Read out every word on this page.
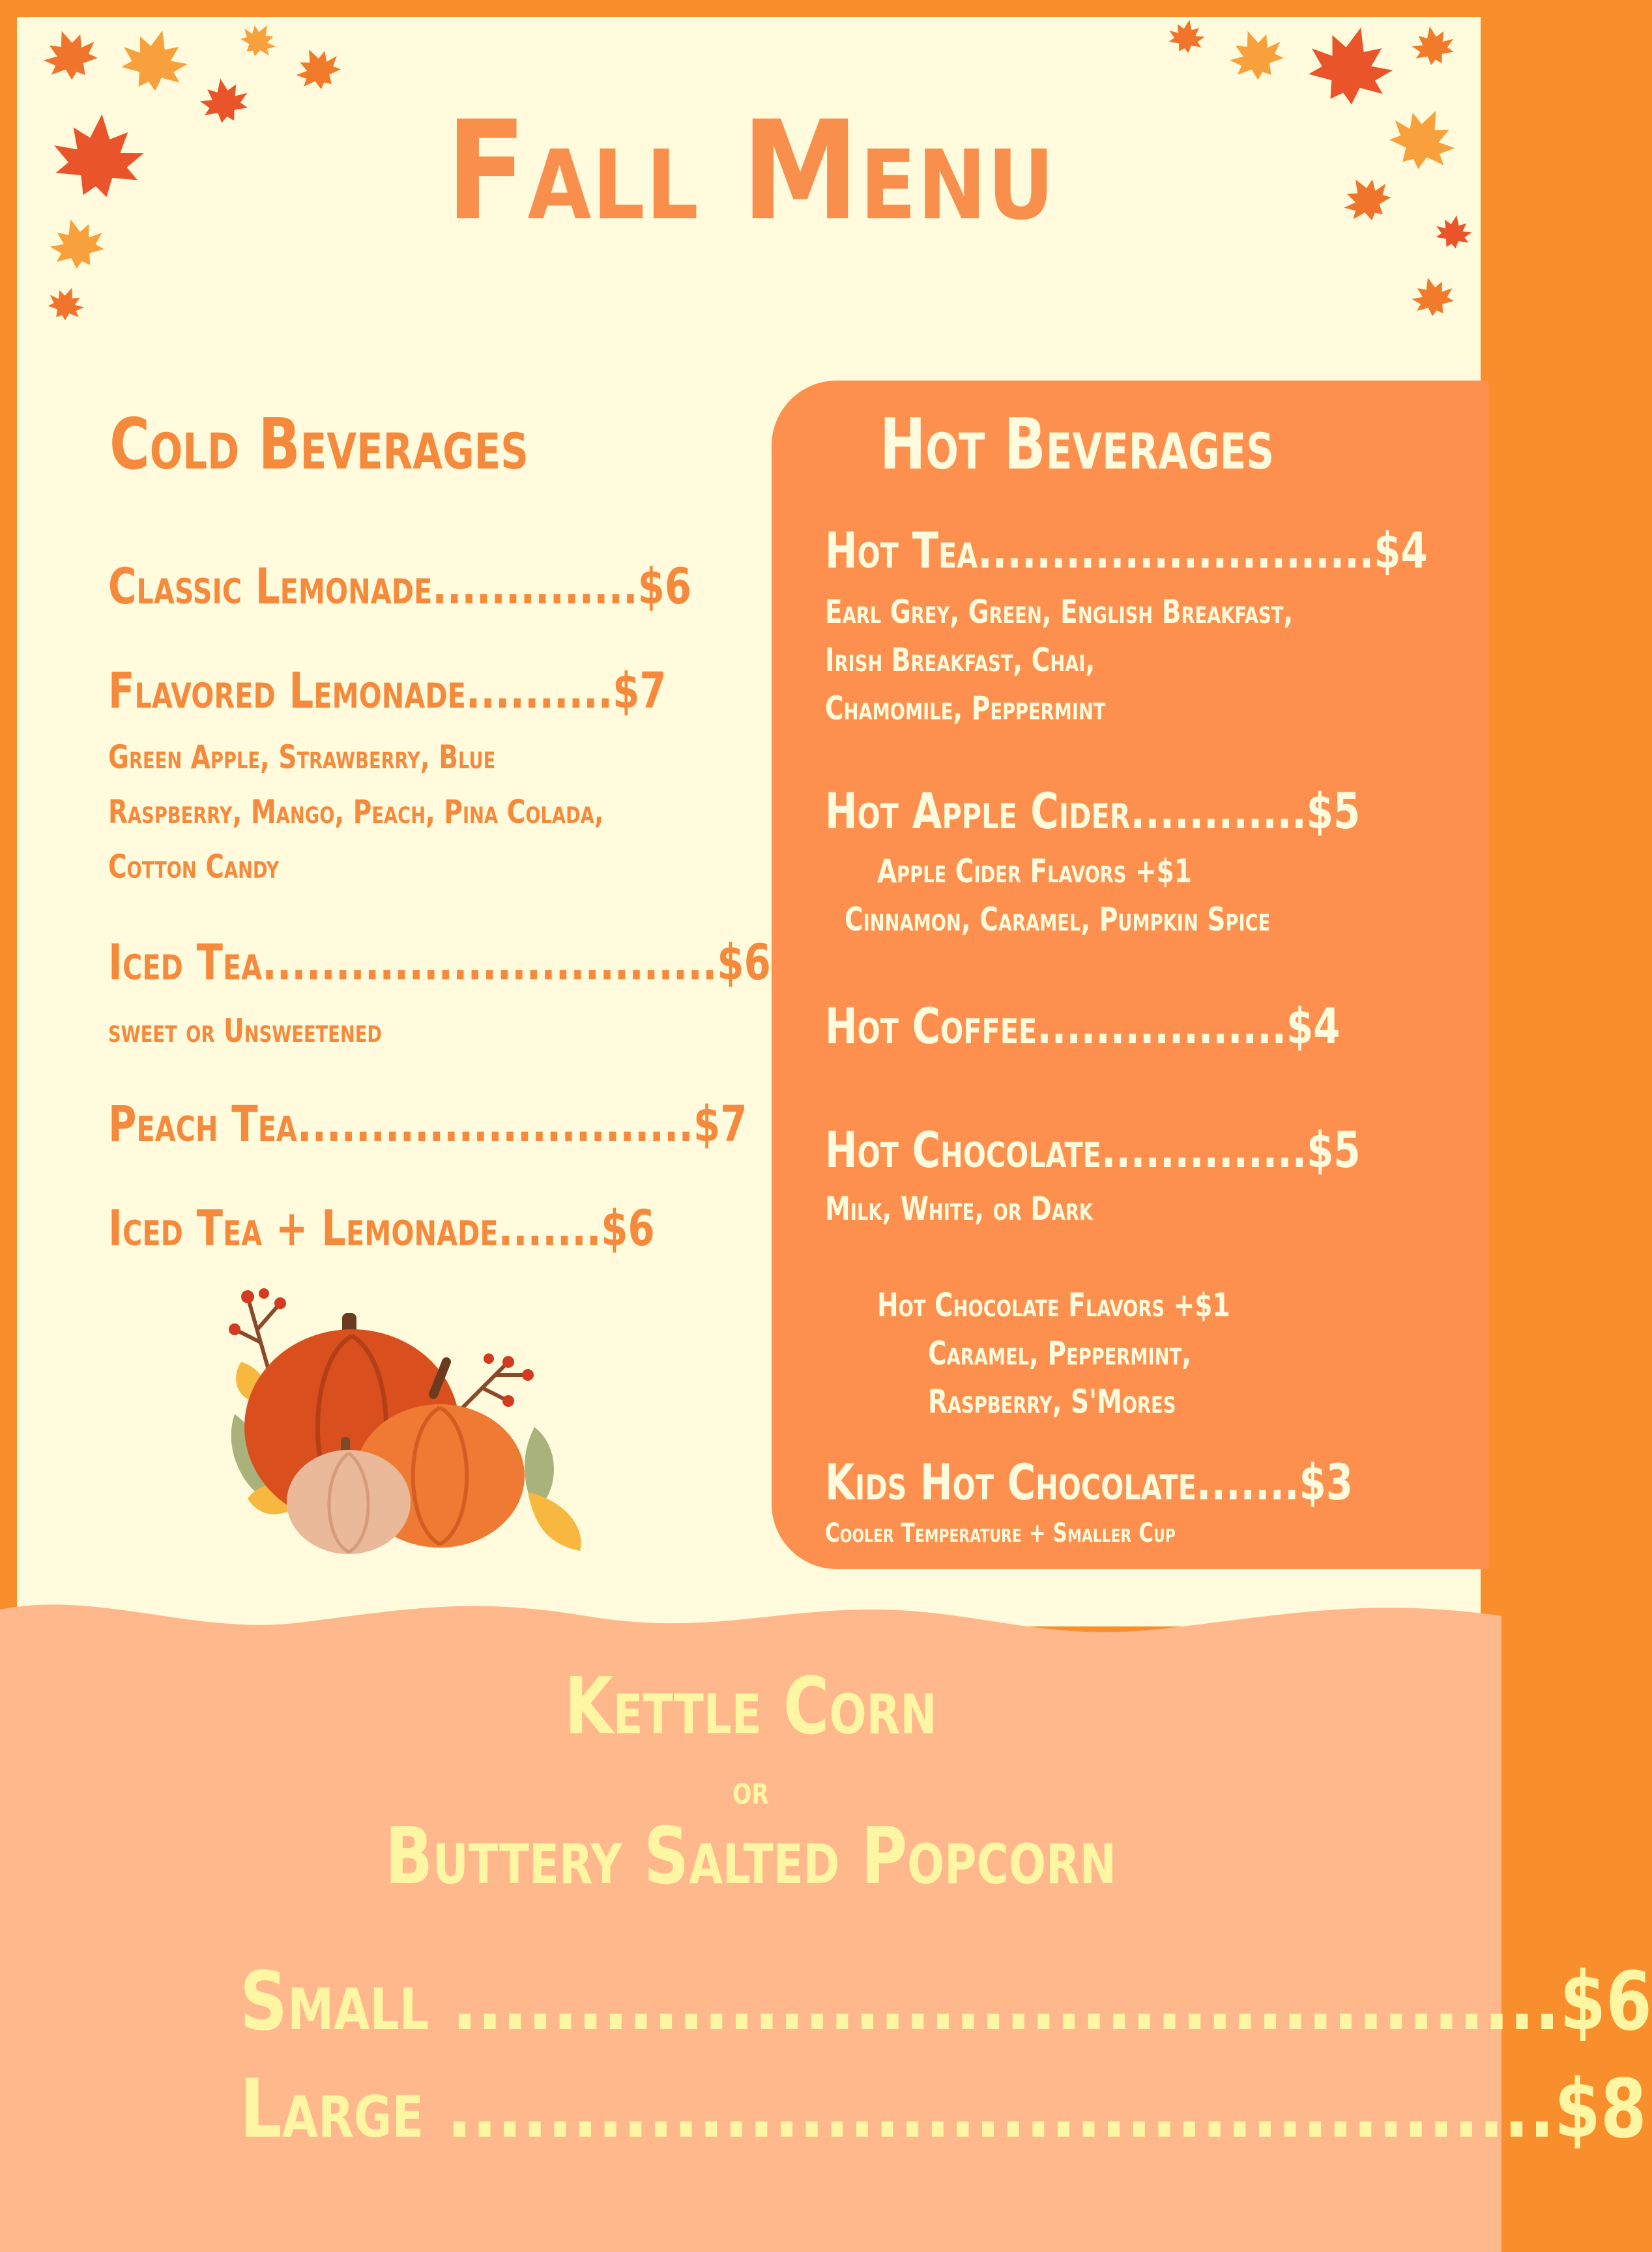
Fall Menu
Cold Beverages
Classic Lemonade..............$6
Flavored Lemonade..........$7
Green Apple, Strawberry, Blue
Raspberry, Mango, Peach, Pina Colada,
Cotton Candy
Iced Tea...............................$6
sweet or Unsweetened
Peach Tea...........................$7
Iced Tea + Lemonade.......$6
Hot Beverages
Hot Tea...........................$4
Earl Grey, Green, English Breakfast,
Irish Breakfast, Chai,
Chamomile, Peppermint
Hot Apple Cider............$5
Apple Cider Flavors +$1
Cinnamon, Caramel, Pumpkin Spice
Hot Coffee.................$4
Hot Chocolate..............$5
Milk, White, or Dark
Hot Chocolate Flavors +$1
Caramel, Peppermint,
Raspberry, S'Mores
Kids Hot Chocolate.......$3
Cooler Temperature + Smaller Cup
Kettle Corn
or
Buttery Salted Popcorn
Small ............................................$6
Large ............................................$8
